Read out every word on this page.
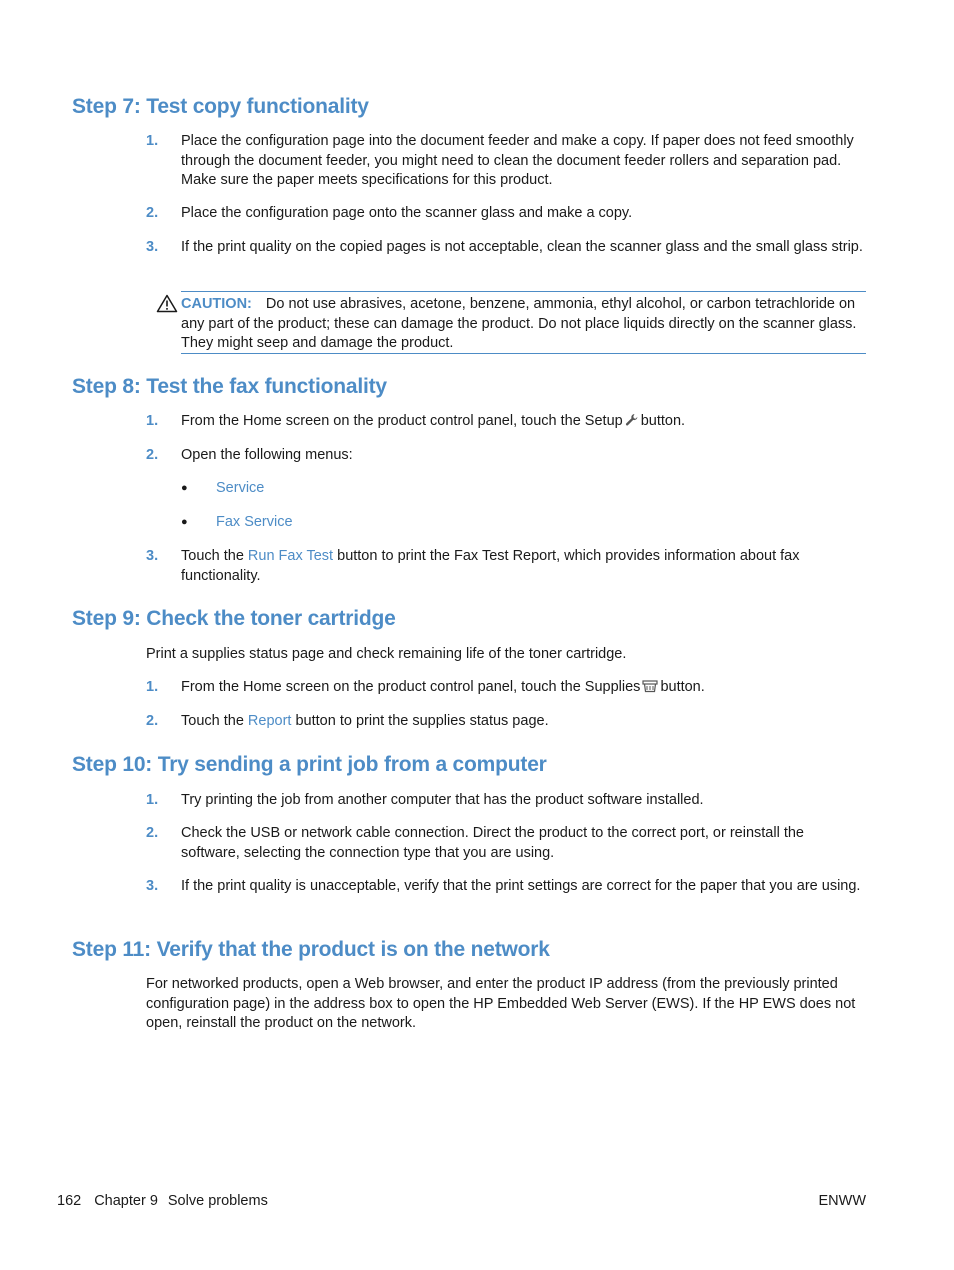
Step 7: Test copy functionality
1. Place the configuration page into the document feeder and make a copy. If paper does not feed smoothly through the document feeder, you might need to clean the document feeder rollers and separation pad. Make sure the paper meets specifications for this product.
2. Place the configuration page onto the scanner glass and make a copy.
3. If the print quality on the copied pages is not acceptable, clean the scanner glass and the small glass strip.
CAUTION: Do not use abrasives, acetone, benzene, ammonia, ethyl alcohol, or carbon tetrachloride on any part of the product; these can damage the product. Do not place liquids directly on the scanner glass. They might seep and damage the product.
Step 8: Test the fax functionality
1. From the Home screen on the product control panel, touch the Setup button.
2. Open the following menus:
● Service
● Fax Service
3. Touch the Run Fax Test button to print the Fax Test Report, which provides information about fax functionality.
Step 9: Check the toner cartridge
Print a supplies status page and check remaining life of the toner cartridge.
1. From the Home screen on the product control panel, touch the Supplies button.
2. Touch the Report button to print the supplies status page.
Step 10: Try sending a print job from a computer
1. Try printing the job from another computer that has the product software installed.
2. Check the USB or network cable connection. Direct the product to the correct port, or reinstall the software, selecting the connection type that you are using.
3. If the print quality is unacceptable, verify that the print settings are correct for the paper that you are using.
Step 11: Verify that the product is on the network
For networked products, open a Web browser, and enter the product IP address (from the previously printed configuration page) in the address box to open the HP Embedded Web Server (EWS). If the HP EWS does not open, reinstall the product on the network.
162 Chapter 9 Solve problems	ENWW
